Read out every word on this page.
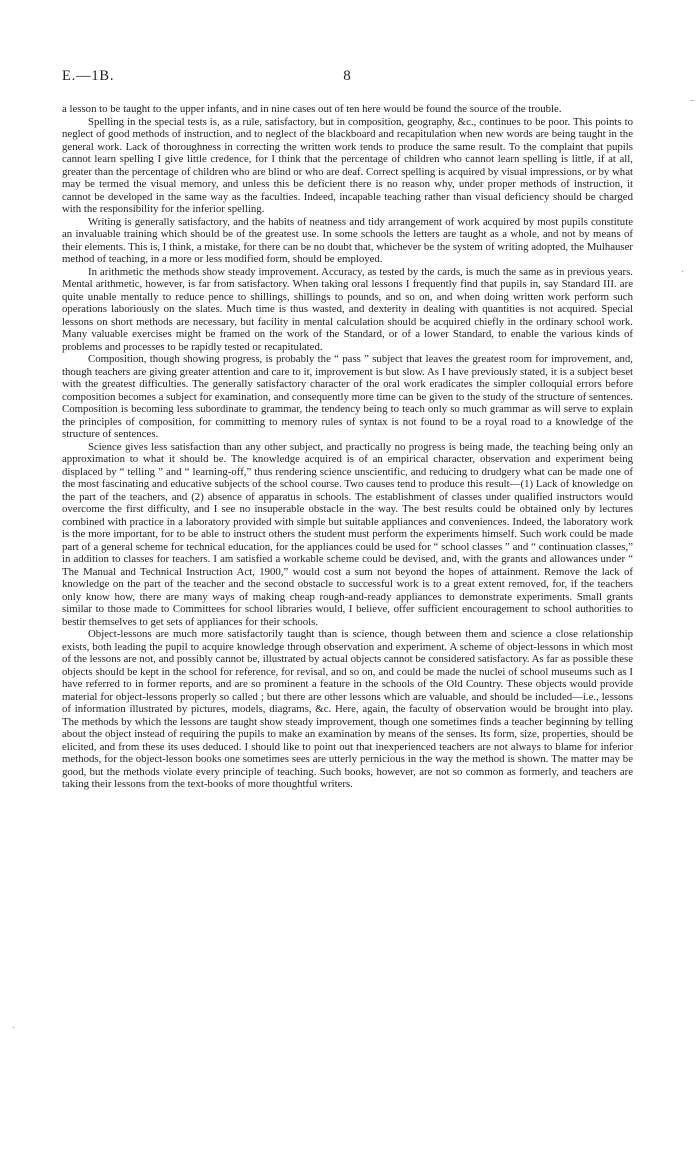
E.—1B.	8

a lesson to be taught to the upper infants, and in nine cases out of ten here would be found the source of the trouble.

Spelling in the special tests is, as a rule, satisfactory, but in composition, geography, &c., continues to be poor. This points to neglect of good methods of instruction, and to neglect of the blackboard and recapitulation when new words are being taught in the general work. Lack of thoroughness in correcting the written work tends to produce the same result. To the complaint that pupils cannot learn spelling I give little credence, for I think that the percentage of children who cannot learn spelling is little, if at all, greater than the percentage of children who are blind or who are deaf. Correct spelling is acquired by visual impressions, or by what may be termed the visual memory, and unless this be deficient there is no reason why, under proper methods of instruction, it cannot be developed in the same way as the faculties. Indeed, incapable teaching rather than visual deficiency should be charged with the responsibility for the inferior spelling.

Writing is generally satisfactory, and the habits of neatness and tidy arrangement of work acquired by most pupils constitute an invaluable training which should be of the greatest use. In some schools the letters are taught as a whole, and not by means of their elements. This is, I think, a mistake, for there can be no doubt that, whichever be the system of writing adopted, the Mulhauser method of teaching, in a more or less modified form, should be employed.

In arithmetic the methods show steady improvement. Accuracy, as tested by the cards, is much the same as in previous years. Mental arithmetic, however, is far from satisfactory. When taking oral lessons I frequently find that pupils in, say Standard III. are quite unable mentally to reduce pence to shillings, shillings to pounds, and so on, and when doing written work perform such operations laboriously on the slates. Much time is thus wasted, and dexterity in dealing with quantities is not acquired. Special lessons on short methods are necessary, but facility in mental calculation should be acquired chiefly in the ordinary school work. Many valuable exercises might be framed on the work of the Standard, or of a lower Standard, to enable the various kinds of problems and processes to be rapidly tested or recapitulated.

Composition, though showing progress, is probably the “ pass ” subject that leaves the greatest room for improvement, and, though teachers are giving greater attention and care to it, improvement is but slow. As I have previously stated, it is a subject beset with the greatest difficulties. The generally satisfactory character of the oral work eradicates the simpler colloquial errors before composition becomes a subject for examination, and consequently more time can be given to the study of the structure of sentences. Composition is becoming less subordinate to grammar, the tendency being to teach only so much grammar as will serve to explain the principles of composition, for committing to memory rules of syntax is not found to be a royal road to a knowledge of the structure of sentences.

Science gives less satisfaction than any other subject, and practically no progress is being made, the teaching being only an approximation to what it should be. The knowledge acquired is of an empirical character, observation and experiment being displaced by “ telling ” and “ learning-off,” thus rendering science unscientific, and reducing to drudgery what can be made one of the most fascinating and educative subjects of the school course. Two causes tend to produce this result—(1) Lack of knowledge on the part of the teachers, and (2) absence of apparatus in schools. The establishment of classes under qualified instructors would overcome the first difficulty, and I see no insuperable obstacle in the way. The best results could be obtained only by lectures combined with practice in a laboratory provided with simple but suitable appliances and conveniences. Indeed, the laboratory work is the more important, for to be able to instruct others the student must perform the experiments himself. Such work could be made part of a general scheme for technical education, for the appliances could be used for “ school classes ” and “ continuation classes,” in addition to classes for teachers. I am satisfied a workable scheme could be devised, and, with the grants and allowances under “ The Manual and Technical Instruction Act, 1900,” would cost a sum not beyond the hopes of attainment. Remove the lack of knowledge on the part of the teacher and the second obstacle to successful work is to a great extent removed, for, if the teachers only know how, there are many ways of making cheap rough-and-ready appliances to demonstrate experiments. Small grants similar to those made to Committees for school libraries would, I believe, offer sufficient encouragement to school authorities to bestir themselves to get sets of appliances for their schools.

Object-lessons are much more satisfactorily taught than is science, though between them and science a close relationship exists, both leading the pupil to acquire knowledge through observation and experiment. A scheme of object-lessons in which most of the lessons are not, and possibly cannot be, illustrated by actual objects cannot be considered satisfactory. As far as possible these objects should be kept in the school for reference, for revisal, and so on, and could be made the nuclei of school museums such as I have referred to in former reports, and are so prominent a feature in the schools of the Old Country. These objects would provide material for object-lessons properly so called ; but there are other lessons which are valuable, and should be included—i.e., lessons of information illustrated by pictures, models, diagrams, &c. Here, again, the faculty of observation would be brought into play. The methods by which the lessons are taught show steady improvement, though one sometimes finds a teacher beginning by telling about the object instead of requiring the pupils to make an examination by means of the senses. Its form, size, properties, should be elicited, and from these its uses deduced. I should like to point out that inexperienced teachers are not always to blame for inferior methods, for the object-lesson books one sometimes sees are utterly pernicious in the way the method is shown. The matter may be good, but the methods violate every principle of teaching. Such books, however, are not so common as formerly, and teachers are taking their lessons from the text-books of more thoughtful writers.

–
·
·
